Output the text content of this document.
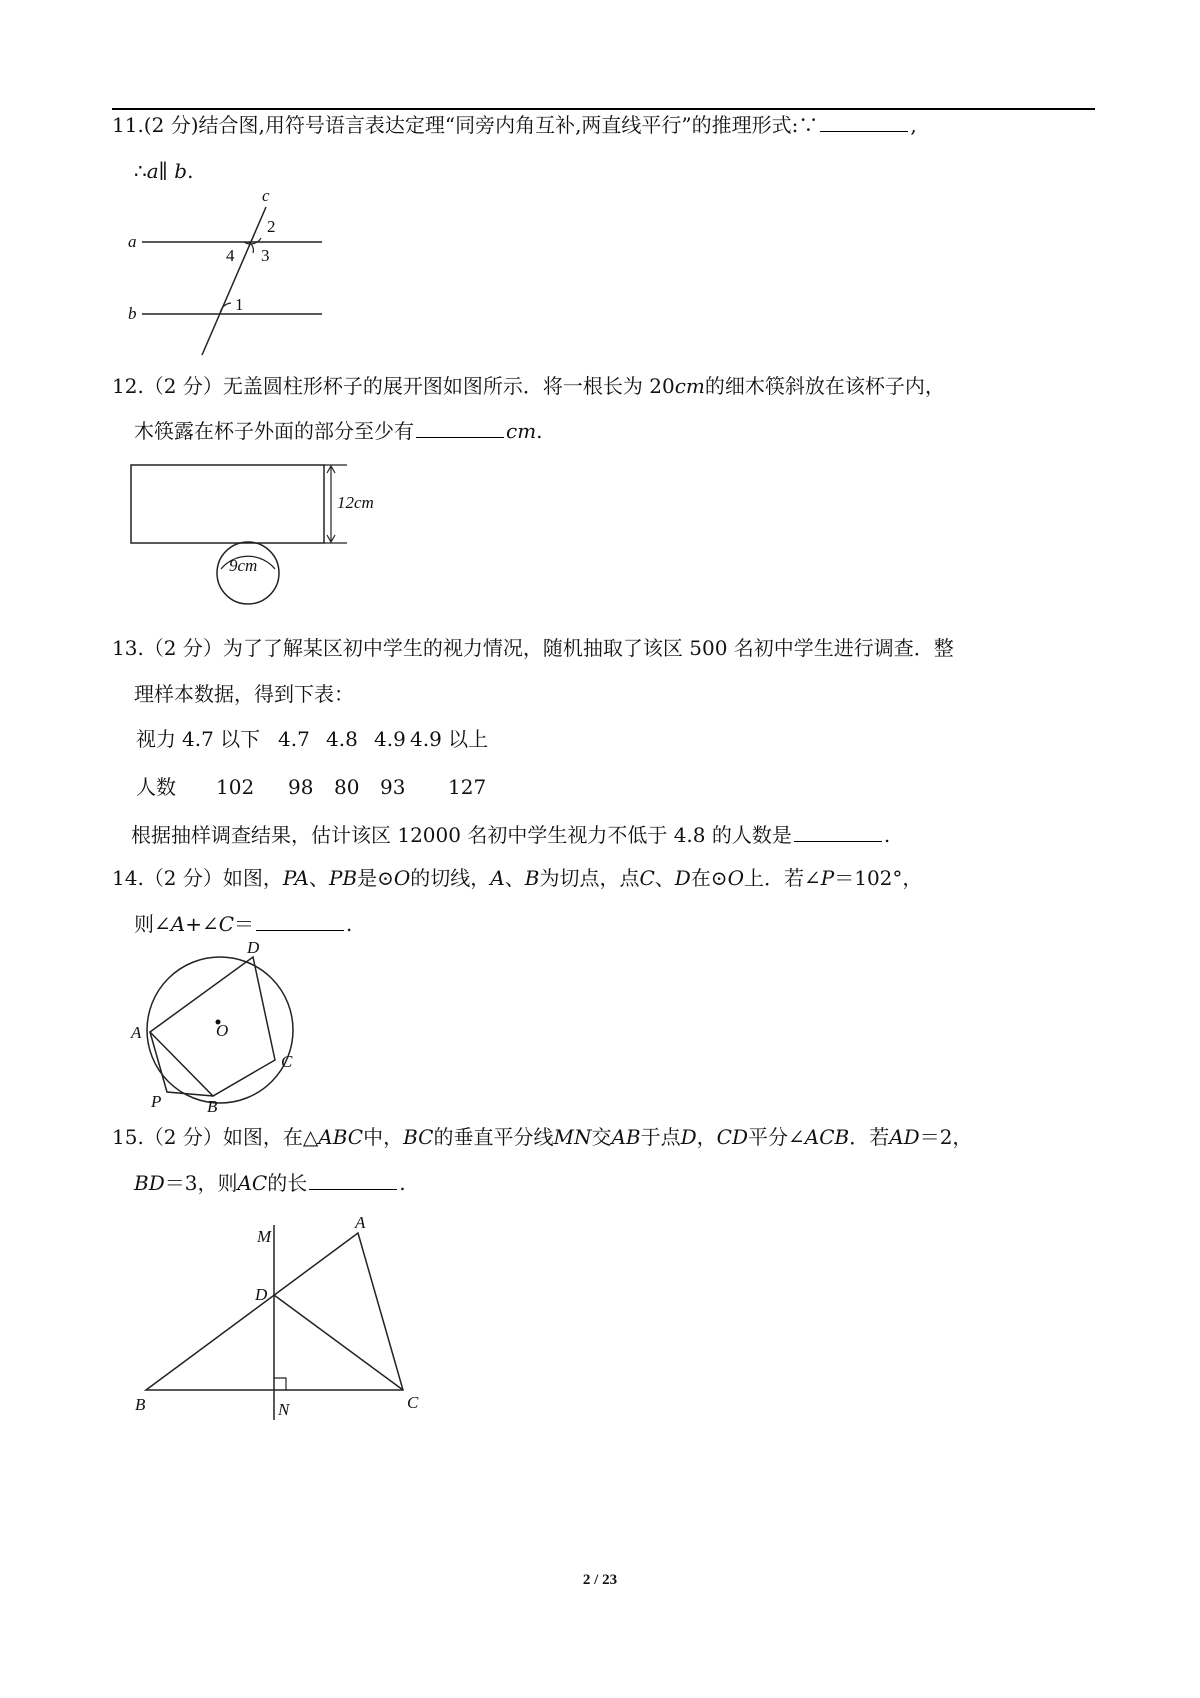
11.(2 分)结合图,用符号语言表达定理“同旁内角互补,两直线平行”的推理形式:∵	,
∴a∥ b.
a
b
c
2
3
4
1
12.（2 分）无盖圆柱形杯子的展开图如图所示．将一根长为 20cm的细木筷斜放在该杯子内，
木筷露在杯子外面的部分至少有	cm.
12cm
9cm
13.（2 分）为了了解某区初中学生的视力情况，随机抽取了该区 500 名初中学生进行调查．整
理样本数据，得到下表：
视力 4.7 以下 4.7 4.8 4.9 4.9 以上
人数 102 98 80 93 127
根据抽样调查结果，估计该区 12000 名初中学生视力不低于 4.8 的人数是	.
14.（2 分）如图，PA、PB是⊙O的切线，A、B为切点，点C、D在⊙O上．若∠P＝102°，
则∠A+∠C＝	.
D
A	O
C
P	B
15.（2 分）如图，在△ABC中，BC的垂直平分线MN交AB于点D，CD平分∠ACB．若AD＝2，
BD＝3，则AC的长	.
M
A
D
B	N	C
2 / 23
